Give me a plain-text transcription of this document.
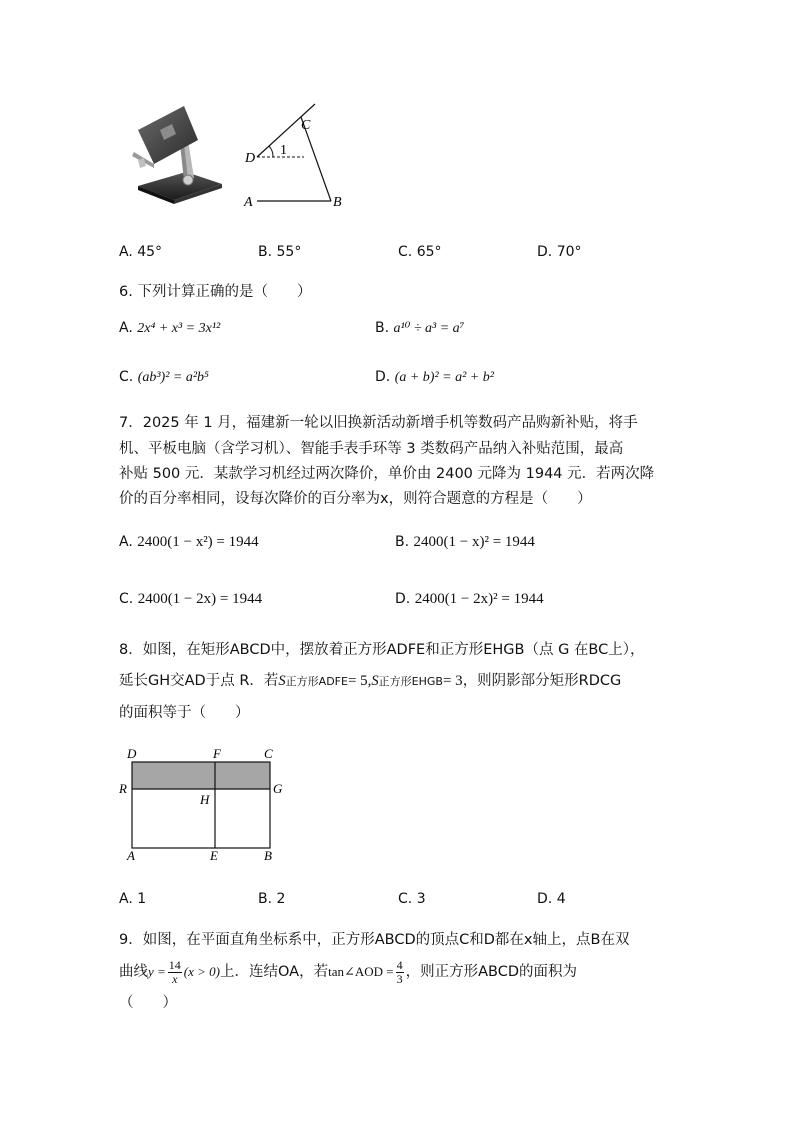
C
D
1
A	B
A. 45°	B. 55°	C. 65°	D. 70°
6. 下列计算正确的是（　　）
A. 2x⁴ + x³ = 3x¹²	B. a¹⁰ ÷ a³ = a⁷
C. (ab³)² = a²b⁵	D. (a + b)² = a² + b²
7．2025 年 1 月，福建新一轮以旧换新活动新增手机等数码产品购新补贴，将手
机、平板电脑（含学习机）、智能手表手环等 3 类数码产品纳入补贴范围，最高
补贴 500 元．某款学习机经过两次降价，单价由 2400 元降为 1944 元．若两次降
价的百分率相同，设每次降价的百分率为x，则符合题意的方程是（　　）
A. 2400(1 − x²) = 1944	B. 2400(1 − x)² = 1944
C. 2400(1 − 2x) = 1944	D. 2400(1 − 2x)² = 1944
8．如图，在矩形ABCD中，摆放着正方形ADFE和正方形EHGB（点 G 在BC上），
延长GH交AD于点 R．若S正方形ADFE= 5,S正方形EHGB= 3，则阴影部分矩形RDCG
的面积等于（　　）
D	F	C
R
H
G
A	E	B
A. 1	B. 2	C. 3	D. 4
9．如图，在平面直角坐标系中，正方形ABCD的顶点C和D都在x轴上，点B在双
曲线 $y = \frac{14}{x} (x > 0)$ 上．连结OA，若 tan∠AOD = $\frac{4}{3}$ ，则正方形ABCD的面积为
（　　）
